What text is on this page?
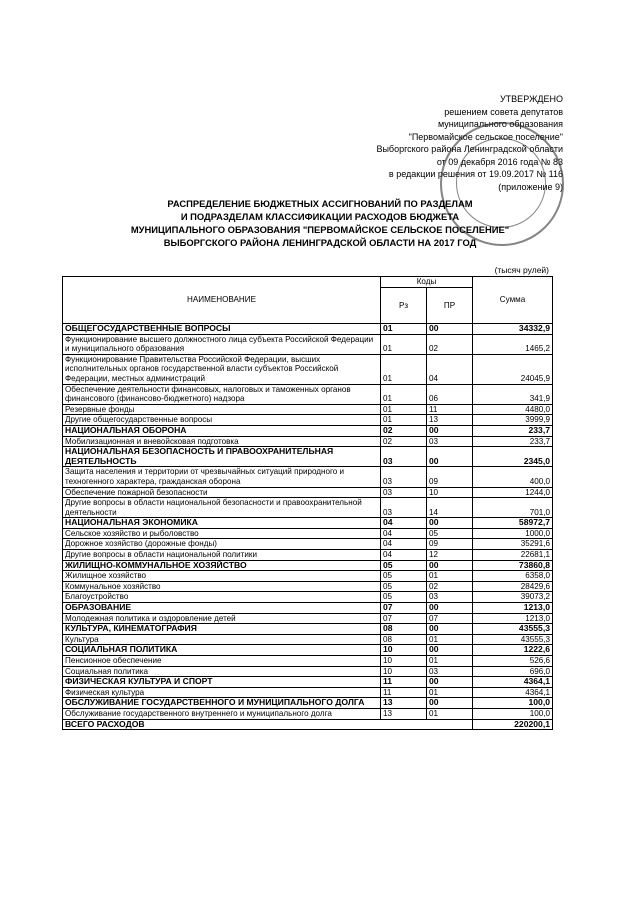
УТВЕРЖДЕНО
решением совета депутатов
муниципального образования
"Первомайское сельское поселение"
Выборгского района Ленинградской области
от 09 декабря 2016 года № 83
в редакции решения от 19.09.2017 № 116
(приложение 9)
РАСПРЕДЕЛЕНИЕ БЮДЖЕТНЫХ АССИГНОВАНИЙ ПО РАЗДЕЛАМ
И ПОДРАЗДЕЛАМ КЛАССИФИКАЦИИ РАСХОДОВ БЮДЖЕТА
МУНИЦИПАЛЬНОГО ОБРАЗОВАНИЯ "ПЕРВОМАЙСКОЕ СЕЛЬСКОЕ ПОСЕЛЕНИЕ"
ВЫБОРГСКОГО РАЙОНА ЛЕНИНГРАДСКОЙ ОБЛАСТИ НА 2017 ГОД
(тысяч рулей)
НАИМЕНОВАНИЕ	Коды		Сумма
	Рз	ПР	
ОБЩЕГОСУДАРСТВЕННЫЕ ВОПРОСЫ	01	00	34332,9
Функционирование высшего должностного лица субъекта Российской Федерации и муниципального образования	01	02	1465,2
Функционирование Правительства Российской Федерации, высших исполнительных органов государственной власти субъектов Российской Федерации, местных администраций	01	04	24045,9
Обеспечение деятельности финансовых, налоговых и таможенных органов финансового (финансово-бюджетного) надзора	01	06	341,9
Резервные фонды	01	11	4480,0
Другие общегосударственные вопросы	01	13	3999,9
НАЦИОНАЛЬНАЯ ОБОРОНА	02	00	233,7
Мобилизационная и вневойсковая подготовка	02	03	233,7
НАЦИОНАЛЬНАЯ БЕЗОПАСНОСТЬ И ПРАВООХРАНИТЕЛЬНАЯ ДЕЯТЕЛЬНОСТЬ	03	00	2345,0
Защита населения и территории от чрезвычайных ситуаций природного и техногенного характера, гражданская оборона	03	09	400,0
Обеспечение пожарной безопасности	03	10	1244,0
Другие вопросы в области национальной безопасности и правоохранительной деятельности	03	14	701,0
НАЦИОНАЛЬНАЯ ЭКОНОМИКА	04	00	58972,7
Сельское хозяйство и рыболовство	04	05	1000,0
Дорожное хозяйство (дорожные фонды)	04	09	35291,6
Другие вопросы в области национальной политики	04	12	22681,1
ЖИЛИЩНО-КОММУНАЛЬНОЕ ХОЗЯЙСТВО	05	00	73860,8
Жилищное хозяйство	05	01	6358,0
Коммунальное хозяйство	05	02	28429,6
Благоустройство	05	03	39073,2
ОБРАЗОВАНИЕ	07	00	1213,0
Молодежная политика и оздоровление детей	07	07	1213,0
КУЛЬТУРА, КИНЕМАТОГРАФИЯ	08	00	43555,3
Культура	08	01	43555,3
СОЦИАЛЬНАЯ ПОЛИТИКА	10	00	1222,6
Пенсионное обеспечение	10	01	526,6
Социальная политика	10	03	696,0
ФИЗИЧЕСКАЯ КУЛЬТУРА И СПОРТ	11	00	4364,1
Физическая культура	11	01	4364,1
ОБСЛУЖИВАНИЕ ГОСУДАРСТВЕННОГО И МУНИЦИПАЛЬНОГО ДОЛГА	13	00	100,0
Обслуживание государственного внутреннего и муниципального долга	13	01	100,0
ВСЕГО РАСХОДОВ			220200,1
